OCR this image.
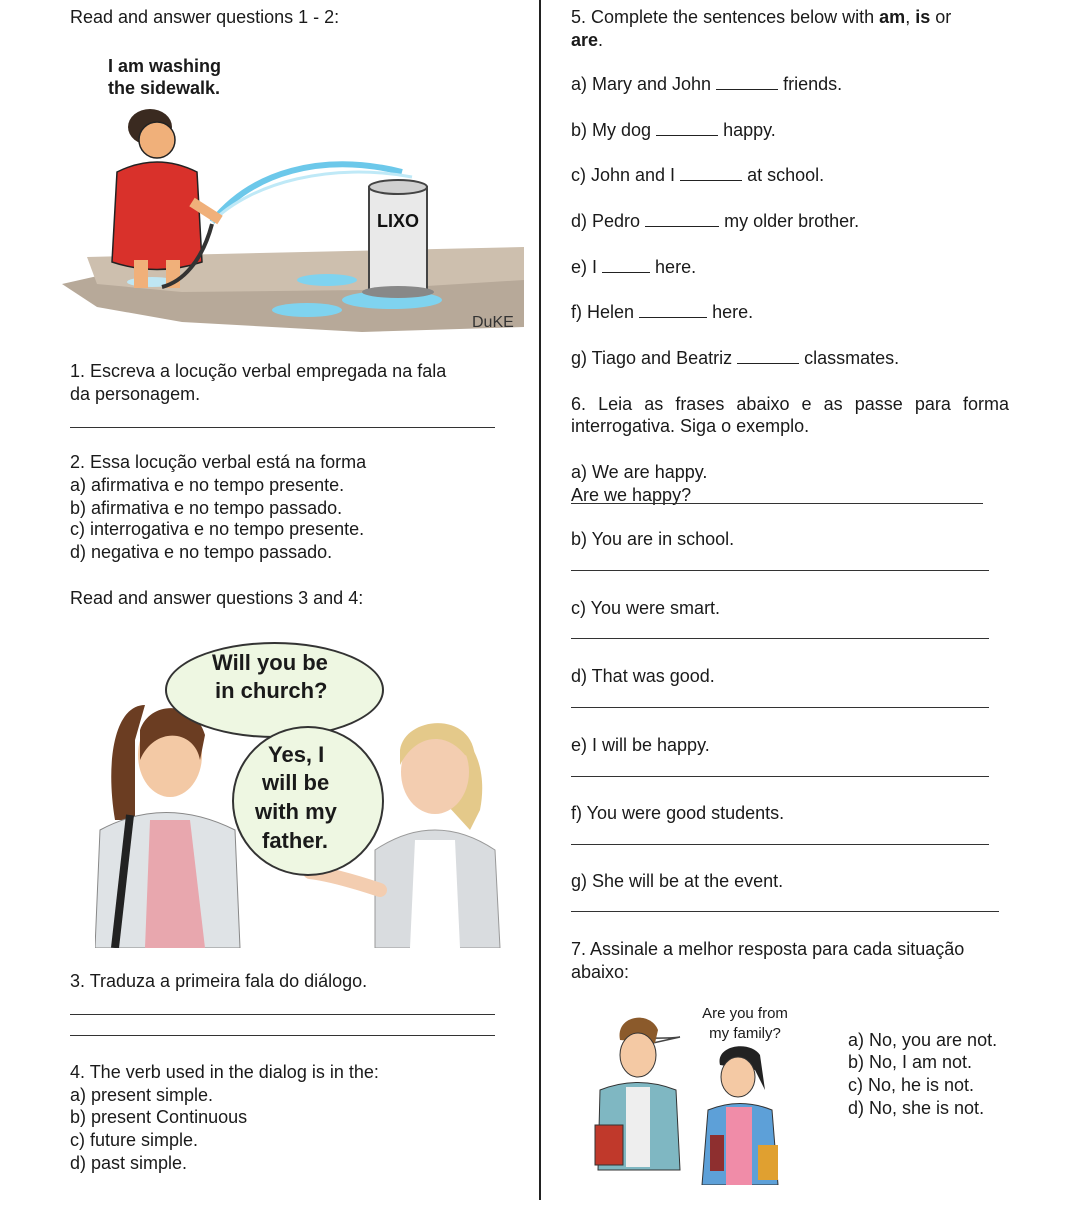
Read and answer questions 1 - 2:
LIXO
DuKE
I am washing
the sidewalk.
1. Escreva a locução verbal empregada na fala
da personagem.
2. Essa locução verbal está na forma
a) afirmativa e no tempo presente.
b) afirmativa e no tempo passado.
c) interrogativa e no tempo presente.
d) negativa e no tempo passado.
Read and answer questions 3 and 4:
Will you be
in church?
Yes, I
will be
with my
father.
3. Traduza a primeira fala do diálogo.
4. The verb used in the dialog is in the:
a) present simple.
b) present Continuous
c) future simple.
d) past simple.
5. Complete the sentences below with am, is or
are.
a) Mary and John	friends.
b) My dog	happy.
c) John and I	at school.
d) Pedro	my older brother.
e) I	here.
f) Helen	here.
g) Tiago and Beatriz	classmates.
6. Leia as frases abaixo e as passe para forma
interrogativa. Siga o exemplo.
a) We are happy.
Are we happy?
b) You are in school.
c) You were smart.
d) That was good.
e) I will be happy.
f) You were good students.
g) She will be at the event.
7. Assinale a melhor resposta para cada situação
abaixo:
Are you from
my family?	a) No, you are not.
b) No, I am not.
c) No, he is not.
d) No, she is not.
